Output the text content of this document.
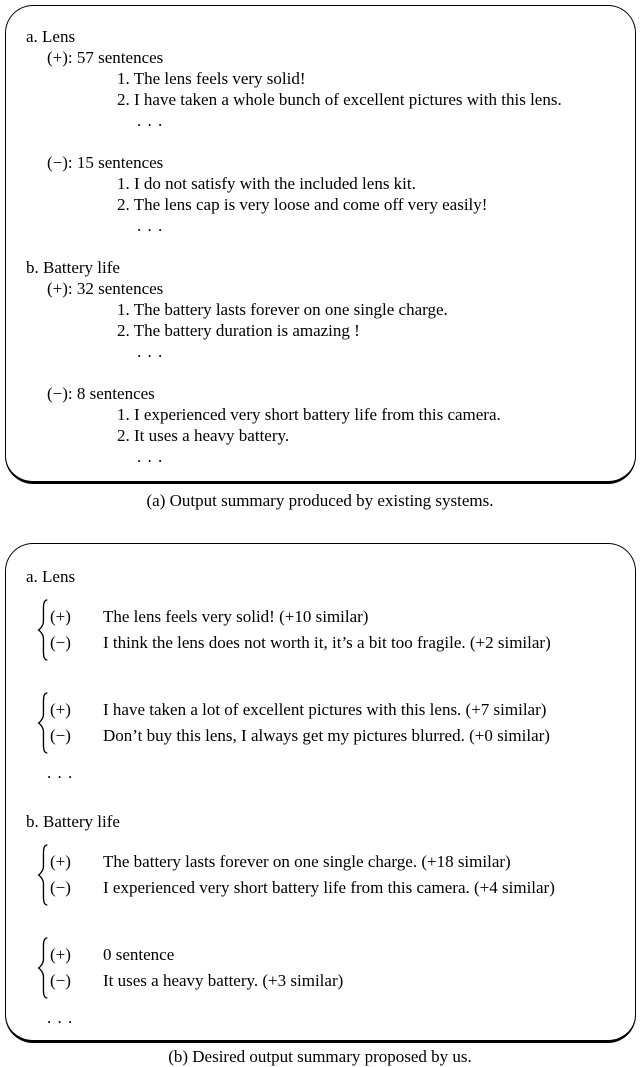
a. Lens
(+): 57 sentences
1. The lens feels very solid!
2. I have taken a whole bunch of excellent pictures with this lens.
. . .
(−): 15 sentences
1. I do not satisfy with the included lens kit.
2. The lens cap is very loose and come off very easily!
. . .
b. Battery life
(+): 32 sentences
1. The battery lasts forever on one single charge.
2. The battery duration is amazing !
. . .
(−): 8 sentences
1. I experienced very short battery life from this camera.
2. It uses a heavy battery.
. . .
(a) Output summary produced by existing systems.
a. Lens
(+)	The lens feels very solid! (+10 similar)
(−)	I think the lens does not worth it, it’s a bit too fragile. (+2 similar)
(+)	I have taken a lot of excellent pictures with this lens. (+7 similar)
(−)	Don’t buy this lens, I always get my pictures blurred. (+0 similar)
. . .
b. Battery life
(+)	The battery lasts forever on one single charge. (+18 similar)
(−)	I experienced very short battery life from this camera. (+4 similar)
(+)	0 sentence
(−)	It uses a heavy battery. (+3 similar)
. . .
(b) Desired output summary proposed by us.
